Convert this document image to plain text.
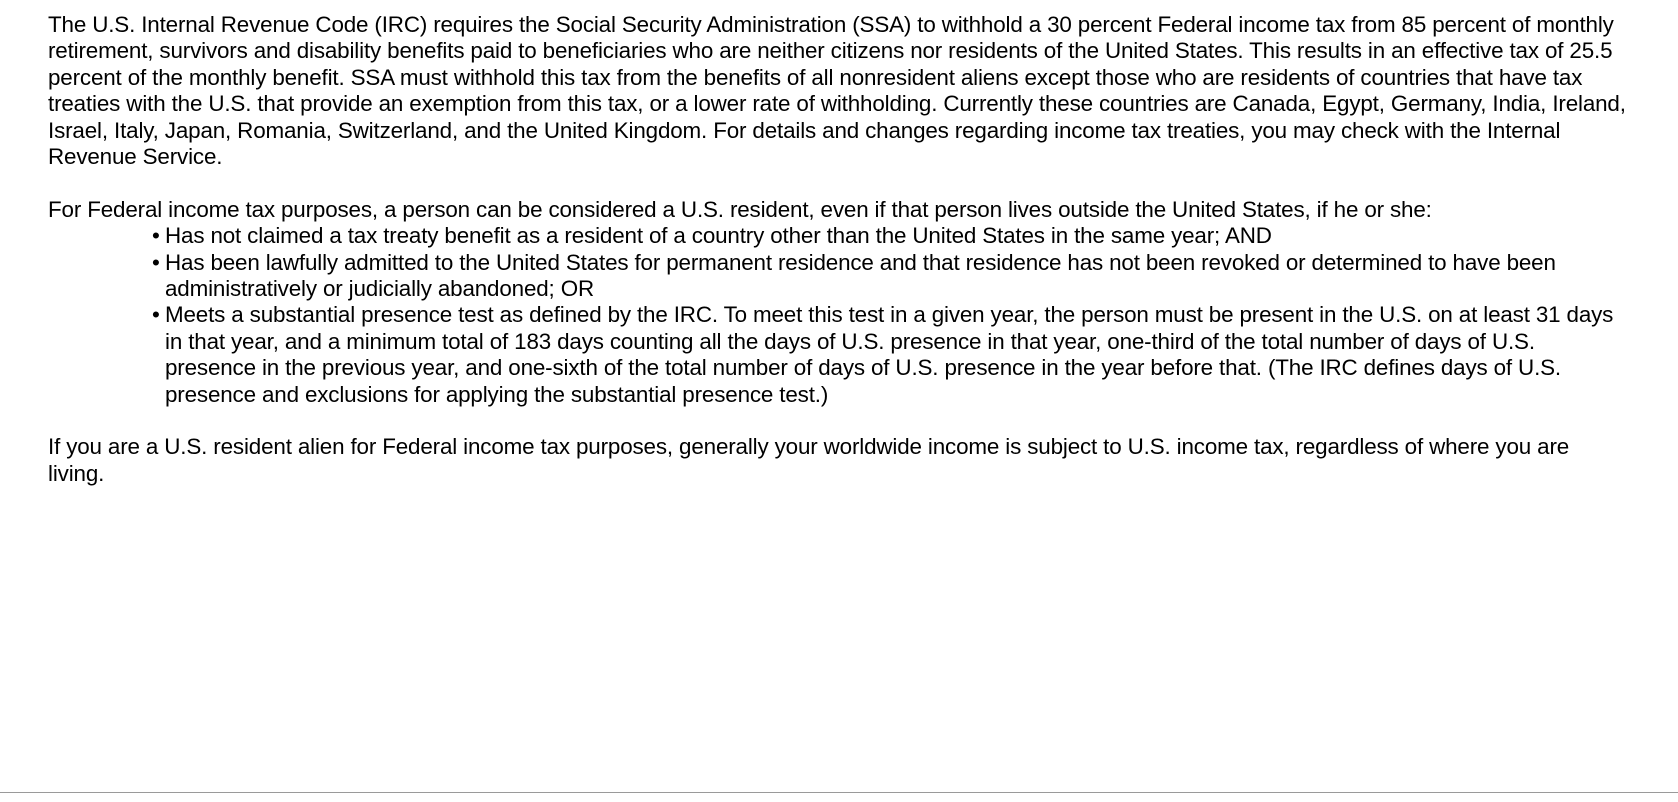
The U.S. Internal Revenue Code (IRC) requires the Social Security Administration (SSA) to withhold a 30 percent Federal income tax from 85 percent of monthly retirement, survivors and disability benefits paid to beneficiaries who are neither citizens nor residents of the United States. This results in an effective tax of 25.5 percent of the monthly benefit. SSA must withhold this tax from the benefits of all nonresident aliens except those who are residents of countries that have tax treaties with the U.S. that provide an exemption from this tax, or a lower rate of withholding. Currently these countries are Canada, Egypt, Germany, India, Ireland, Israel, Italy, Japan, Romania, Switzerland, and the United Kingdom. For details and changes regarding income tax treaties, you may check with the Internal Revenue Service.

For Federal income tax purposes, a person can be considered a U.S. resident, even if that person lives outside the United States, if he or she:

• Has not claimed a tax treaty benefit as a resident of a country other than the United States in the same year; AND
• Has been lawfully admitted to the United States for permanent residence and that residence has not been revoked or determined to have been administratively or judicially abandoned; OR
• Meets a substantial presence test as defined by the IRC. To meet this test in a given year, the person must be present in the U.S. on at least 31 days in that year, and a minimum total of 183 days counting all the days of U.S. presence in that year, one-third of the total number of days of U.S. presence in the previous year, and one-sixth of the total number of days of U.S. presence in the year before that. (The IRC defines days of U.S. presence and exclusions for applying the substantial presence test.)

If you are a U.S. resident alien for Federal income tax purposes, generally your worldwide income is subject to U.S. income tax, regardless of where you are living.
